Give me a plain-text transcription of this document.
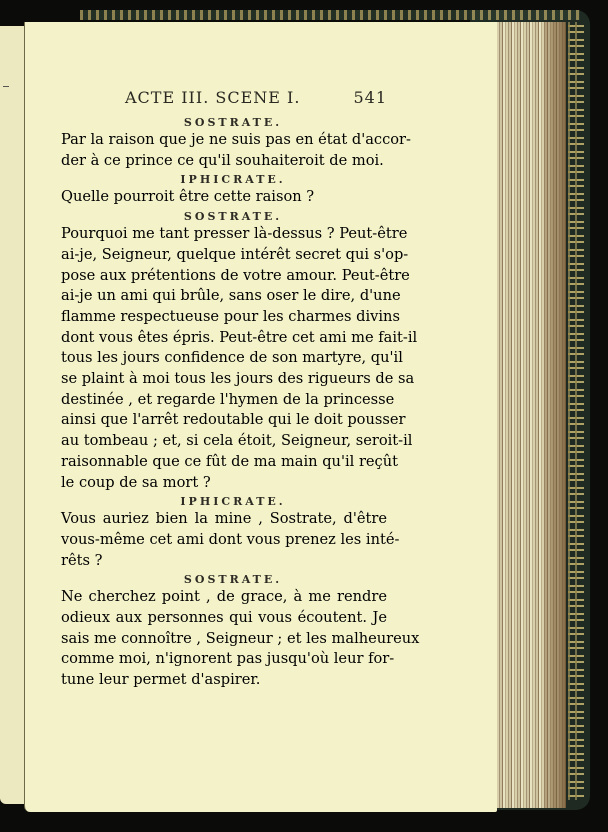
ACTE III. SCENE I.	541
SOSTRATE.
Par la raison que je ne suis pas en état d'accor-
der à ce prince ce qu'il souhaiteroit de moi.
IPHICRATE.
Quelle pourroit être cette raison ?
SOSTRATE.
Pourquoi me tant presser là-dessus ? Peut-être
ai-je, Seigneur, quelque intérêt secret qui s'op-
pose aux prétentions de votre amour. Peut-être
ai-je un ami qui brûle, sans oser le dire, d'une
flamme respectueuse pour les charmes divins
dont vous êtes épris. Peut-être cet ami me fait-il
tous les jours confidence de son martyre, qu'il
se plaint à moi tous les jours des rigueurs de sa
destinée , et regarde l'hymen de la princesse
ainsi que l'arrêt redoutable qui le doit pousser
au tombeau ; et, si cela étoit, Seigneur, seroit-il
raisonnable que ce fût de ma main qu'il reçût
le coup de sa mort ?
IPHICRATE.
Vous auriez bien la mine , Sostrate, d'être
vous-même cet ami dont vous prenez les inté-
rêts ?
SOSTRATE.
Ne cherchez point , de grace, à me rendre
odieux aux personnes qui vous écoutent. Je
sais me connoître , Seigneur ; et les malheureux
comme moi, n'ignorent pas jusqu'où leur for-
tune leur permet d'aspirer.
